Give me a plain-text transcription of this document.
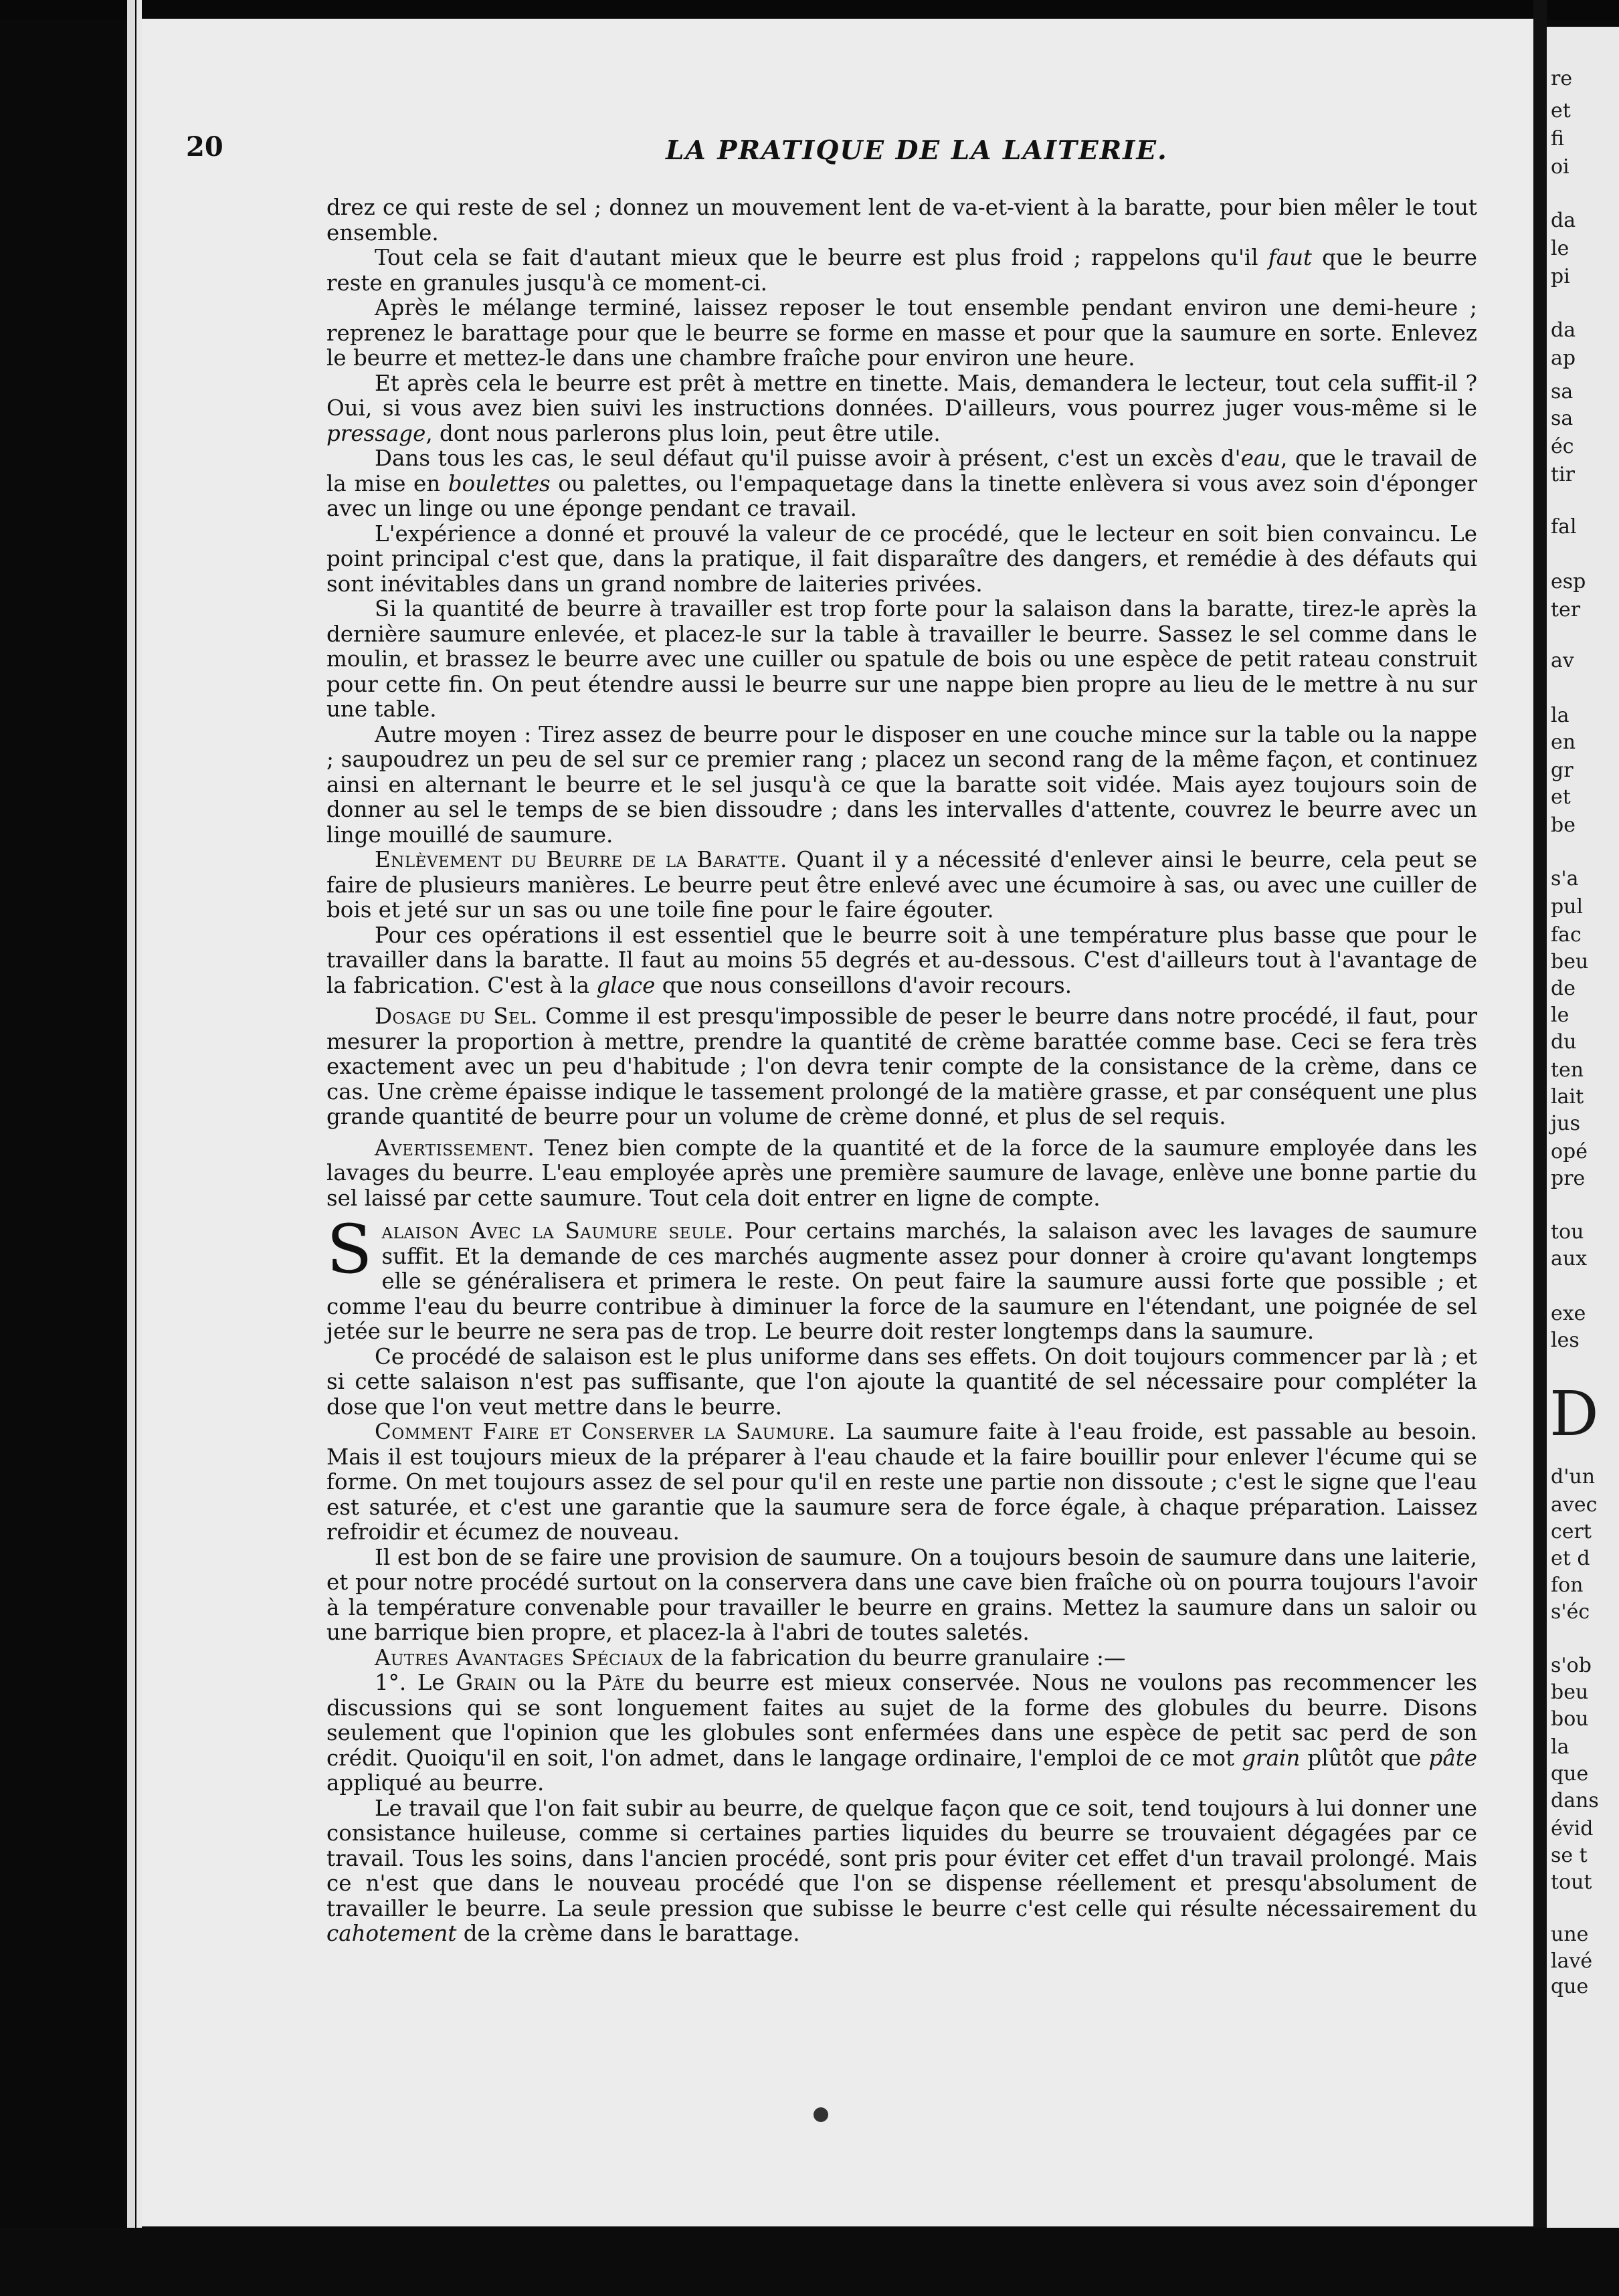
re
et
fi
oi
da
le
pi
da
ap
sa
sa
éc
tir
fal
esp
ter
av
la
en
gr
et
be
s'a
pul
fac
beu
de
le
du
ten
lait
jus
opé
pre
tou
aux
exe
les
D
d'un
avec
cert
et d
fon
s'éc
s'ob
beu
bou
la
que
dans
évid
se t
tout
une
lavé
que
20	LA PRATIQUE DE LA LAITERIE.

drez ce qui reste de sel ; donnez un mouvement lent de va-et-vient à la baratte, pour bien mêler le tout ensemble.

Tout cela se fait d'autant mieux que le beurre est plus froid ; rappelons qu'il faut que le beurre reste en granules jusqu'à ce moment-ci.

Après le mélange terminé, laissez reposer le tout ensemble pendant environ une demi-heure ; reprenez le barattage pour que le beurre se forme en masse et pour que la saumure en sorte. Enlevez le beurre et mettez-le dans une chambre fraîche pour environ une heure.

Et après cela le beurre est prêt à mettre en tinette. Mais, demandera le lecteur, tout cela suffit-il ? Oui, si vous avez bien suivi les instructions données. D'ailleurs, vous pourrez juger vous-même si le pressage, dont nous parlerons plus loin, peut être utile.

Dans tous les cas, le seul défaut qu'il puisse avoir à présent, c'est un excès d'eau, que le travail de la mise en boulettes ou palettes, ou l'empaquetage dans la tinette enlèvera si vous avez soin d'éponger avec un linge ou une éponge pendant ce travail.

L'expérience a donné et prouvé la valeur de ce procédé, que le lecteur en soit bien convaincu. Le point principal c'est que, dans la pratique, il fait disparaître des dangers, et remédie à des défauts qui sont inévitables dans un grand nombre de laiteries privées.

Si la quantité de beurre à travailler est trop forte pour la salaison dans la baratte, tirez-le après la dernière saumure enlevée, et placez-le sur la table à travailler le beurre. Sassez le sel comme dans le moulin, et brassez le beurre avec une cuiller ou spatule de bois ou une espèce de petit rateau construit pour cette fin. On peut étendre aussi le beurre sur une nappe bien propre au lieu de le mettre à nu sur une table.

Autre moyen : Tirez assez de beurre pour le disposer en une couche mince sur la table ou la nappe ; saupoudrez un peu de sel sur ce premier rang ; placez un second rang de la même façon, et continuez ainsi en alternant le beurre et le sel jusqu'à ce que la baratte soit vidée. Mais ayez toujours soin de donner au sel le temps de se bien dissoudre ; dans les intervalles d'attente, couvrez le beurre avec un linge mouillé de saumure.

Enlèvement du Beurre de la Baratte. Quant il y a nécessité d'enlever ainsi le beurre, cela peut se faire de plusieurs manières. Le beurre peut être enlevé avec une écumoire à sas, ou avec une cuiller de bois et jeté sur un sas ou une toile fine pour le faire égouter.

Pour ces opérations il est essentiel que le beurre soit à une température plus basse que pour le travailler dans la baratte. Il faut au moins 55 degrés et au-dessous. C'est d'ailleurs tout à l'avantage de la fabrication. C'est à la glace que nous conseillons d'avoir recours.

Dosage du Sel. Comme il est presqu'impossible de peser le beurre dans notre procédé, il faut, pour mesurer la proportion à mettre, prendre la quantité de crème barattée comme base. Ceci se fera très exactement avec un peu d'habitude ; l'on devra tenir compte de la consistance de la crème, dans ce cas. Une crème épaisse indique le tassement prolongé de la matière grasse, et par conséquent une plus grande quantité de beurre pour un volume de crème donné, et plus de sel requis.

Avertissement. Tenez bien compte de la quantité et de la force de la saumure employée dans les lavages du beurre. L'eau employée après une première saumure de lavage, enlève une bonne partie du sel laissé par cette saumure. Tout cela doit entrer en ligne de compte.

Salaison Avec la Saumure seule. Pour certains marchés, la salaison avec les lavages de saumure suffit. Et la demande de ces marchés augmente assez pour donner à croire qu'avant longtemps elle se généralisera et primera le reste. On peut faire la saumure aussi forte que possible ; et comme l'eau du beurre contribue à diminuer la force de la saumure en l'étendant, une poignée de sel jetée sur le beurre ne sera pas de trop. Le beurre doit rester longtemps dans la saumure.

Ce procédé de salaison est le plus uniforme dans ses effets. On doit toujours commencer par là ; et si cette salaison n'est pas suffisante, que l'on ajoute la quantité de sel nécessaire pour compléter la dose que l'on veut mettre dans le beurre.

Comment Faire et Conserver la Saumure. La saumure faite à l'eau froide, est passable au besoin. Mais il est toujours mieux de la préparer à l'eau chaude et la faire bouillir pour enlever l'écume qui se forme. On met toujours assez de sel pour qu'il en reste une partie non dissoute ; c'est le signe que l'eau est saturée, et c'est une garantie que la saumure sera de force égale, à chaque préparation. Laissez refroidir et écumez de nouveau.

Il est bon de se faire une provision de saumure. On a toujours besoin de saumure dans une laiterie, et pour notre procédé surtout on la conservera dans une cave bien fraîche où on pourra toujours l'avoir à la température convenable pour travailler le beurre en grains. Mettez la saumure dans un saloir ou une barrique bien propre, et placez-la à l'abri de toutes saletés.

Autres Avantages Spéciaux de la fabrication du beurre granulaire :—

1°. Le Grain ou la Pâte du beurre est mieux conservée. Nous ne voulons pas recommencer les discussions qui se sont longuement faites au sujet de la forme des globules du beurre. Disons seulement que l'opinion que les globules sont enfermées dans une espèce de petit sac perd de son crédit. Quoiqu'il en soit, l'on admet, dans le langage ordinaire, l'emploi de ce mot grain plûtôt que pâte appliqué au beurre.

Le travail que l'on fait subir au beurre, de quelque façon que ce soit, tend toujours à lui donner une consistance huileuse, comme si certaines parties liquides du beurre se trouvaient dégagées par ce travail. Tous les soins, dans l'ancien procédé, sont pris pour éviter cet effet d'un travail prolongé. Mais ce n'est que dans le nouveau procédé que l'on se dispense réellement et presqu'absolument de travailler le beurre. La seule pression que subisse le beurre c'est celle qui résulte nécessairement du cahotement de la crème dans le barattage.
